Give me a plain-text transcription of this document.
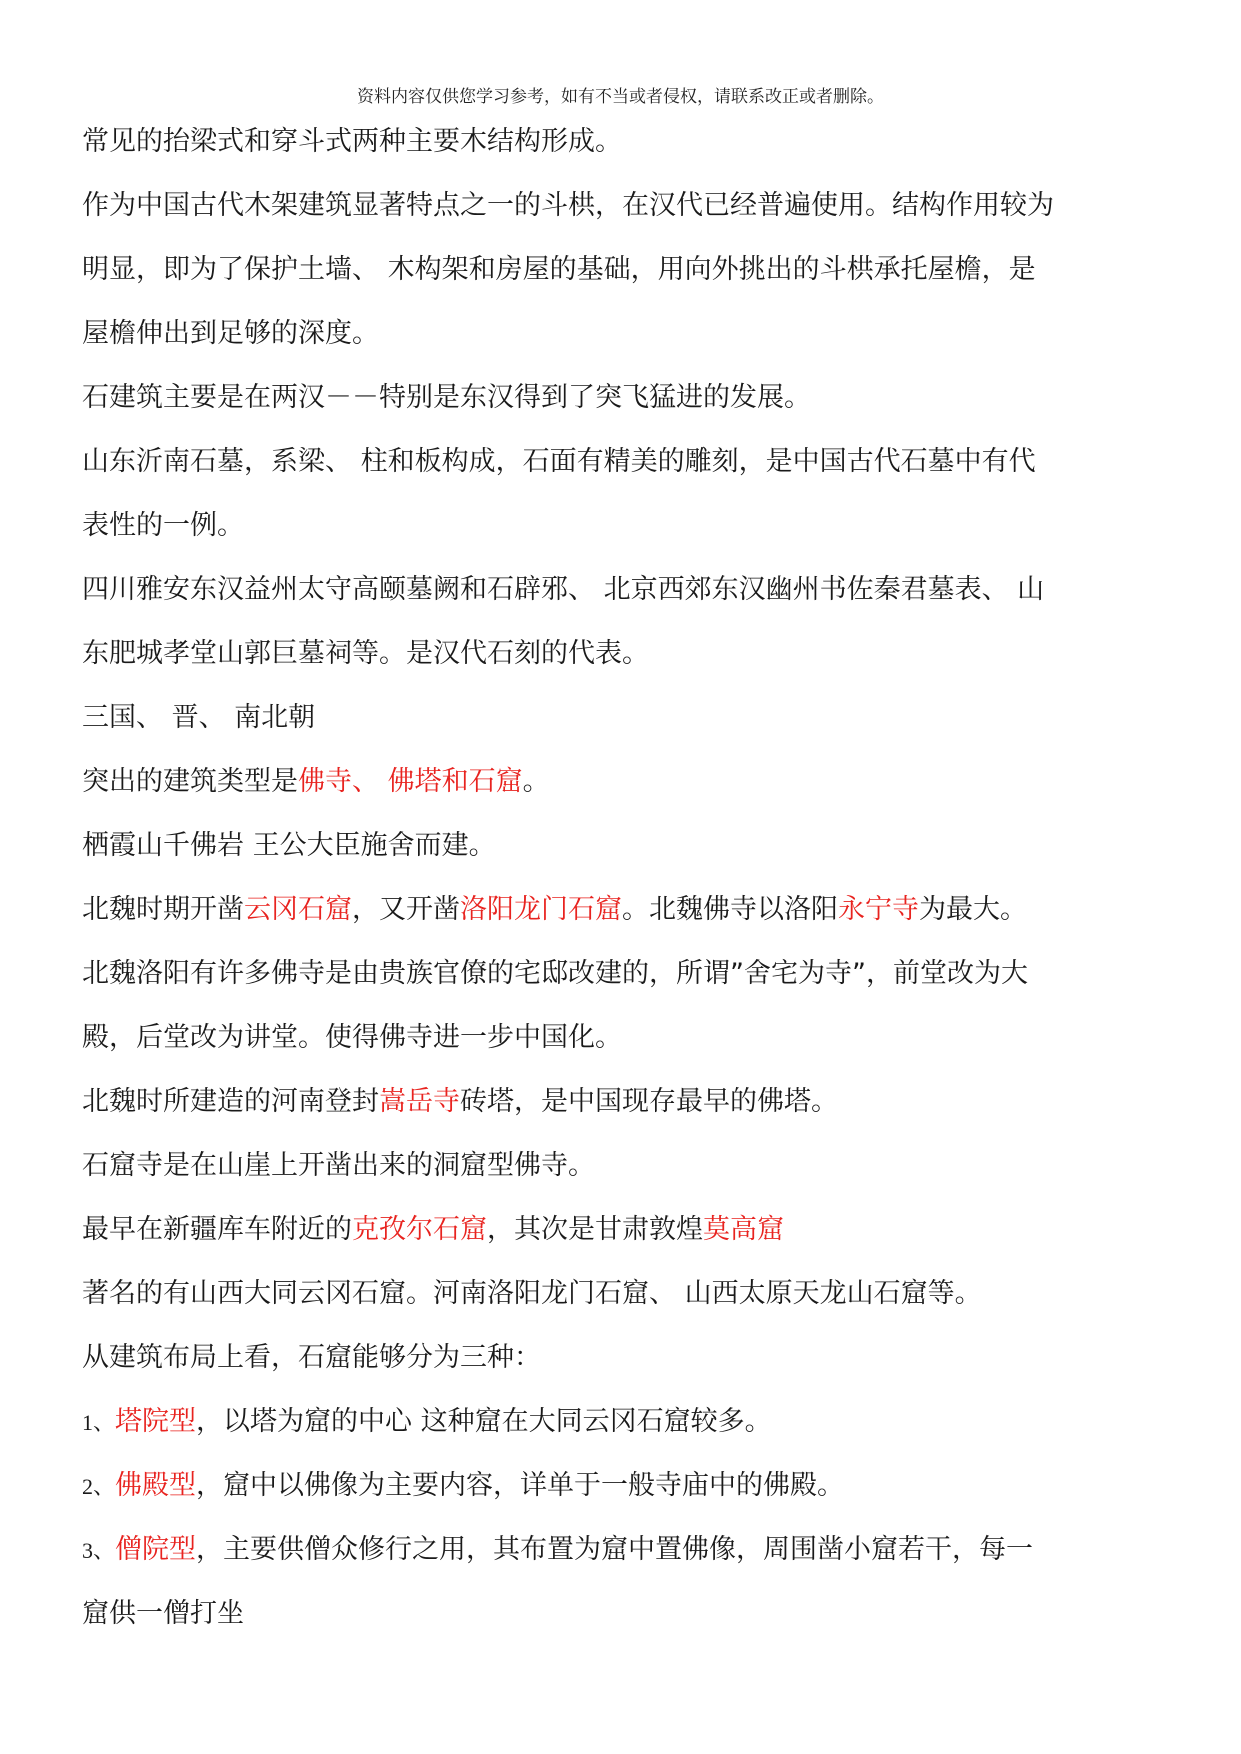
资料内容仅供您学习参考，如有不当或者侵权，请联系改正或者删除。
常见的抬梁式和穿斗式两种主要木结构形成。
作为中国古代木架建筑显著特点之一的斗栱，在汉代已经普遍使用。结构作用较为
明显，即为了保护土墙、 木构架和房屋的基础，用向外挑出的斗栱承托屋檐，是
屋檐伸出到足够的深度。
石建筑主要是在两汉－－特别是东汉得到了突飞猛进的发展。
山东沂南石墓，系梁、 柱和板构成，石面有精美的雕刻，是中国古代石墓中有代
表性的一例。
四川雅安东汉益州太守高颐墓阙和石辟邪、 北京西郊东汉幽州书佐秦君墓表、 山
东肥城孝堂山郭巨墓祠等。是汉代石刻的代表。
三国、 晋、 南北朝
突出的建筑类型是佛寺、 佛塔和石窟。
栖霞山千佛岩 王公大臣施舍而建。
北魏时期开凿云冈石窟，又开凿洛阳龙门石窟。北魏佛寺以洛阳永宁寺为最大。
北魏洛阳有许多佛寺是由贵族官僚的宅邸改建的，所谓”舍宅为寺”，前堂改为大
殿，后堂改为讲堂。使得佛寺进一步中国化。
北魏时所建造的河南登封嵩岳寺砖塔，是中国现存最早的佛塔。
石窟寺是在山崖上开凿出来的洞窟型佛寺。
最早在新疆库车附近的克孜尔石窟，其次是甘肃敦煌莫高窟
著名的有山西大同云冈石窟。河南洛阳龙门石窟、 山西太原天龙山石窟等。
从建筑布局上看，石窟能够分为三种：
1、塔院型，以塔为窟的中心 这种窟在大同云冈石窟较多。
2、佛殿型，窟中以佛像为主要内容，详单于一般寺庙中的佛殿。
3、僧院型，主要供僧众修行之用，其布置为窟中置佛像，周围凿小窟若干，每一
窟供一僧打坐
